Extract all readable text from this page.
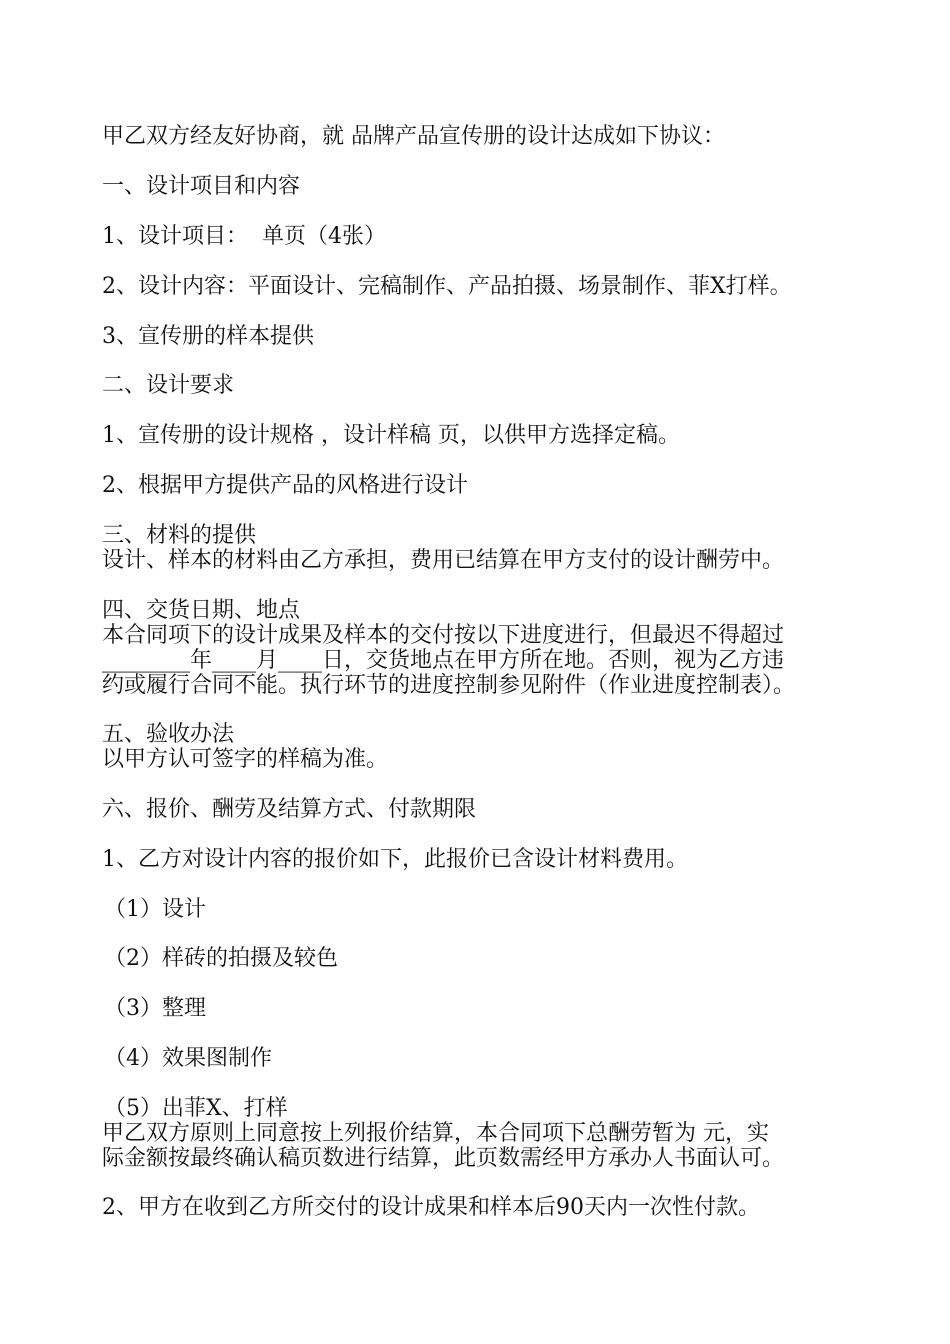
甲乙双方经友好协商，就 品牌产品宣传册的设计达成如下协议：

一、设计项目和内容

1、设计项目：  单页（4张）

2、设计内容：平面设计、完稿制作、产品拍摄、场景制作、菲X打样。

3、宣传册的样本提供

二、设计要求

1、宣传册的设计规格 ，设计样稿 页，以供甲方选择定稿。

2、根据甲方提供产品的风格进行设计

三、材料的提供

设计、样本的材料由乙方承担，费用已结算在甲方支付的设计酬劳中。

四、交货日期、地点

本合同项下的设计成果及样本的交付按以下进度进行，但最迟不得超过

________年____月____日，交货地点在甲方所在地。否则，视为乙方违

约或履行合同不能。执行环节的进度控制参见附件（作业进度控制表）。

五、验收办法

以甲方认可签字的样稿为准。

六、报价、酬劳及结算方式、付款期限

1、乙方对设计内容的报价如下，此报价已含设计材料费用。

（1）设计

（2）样砖的拍摄及较色

（3）整理

（4）效果图制作

（5）出菲X、打样

甲乙双方原则上同意按上列报价结算，本合同项下总酬劳暂为 元，实

际金额按最终确认稿页数进行结算，此页数需经甲方承办人书面认可。

2、甲方在收到乙方所交付的设计成果和样本后90天内一次性付款。
